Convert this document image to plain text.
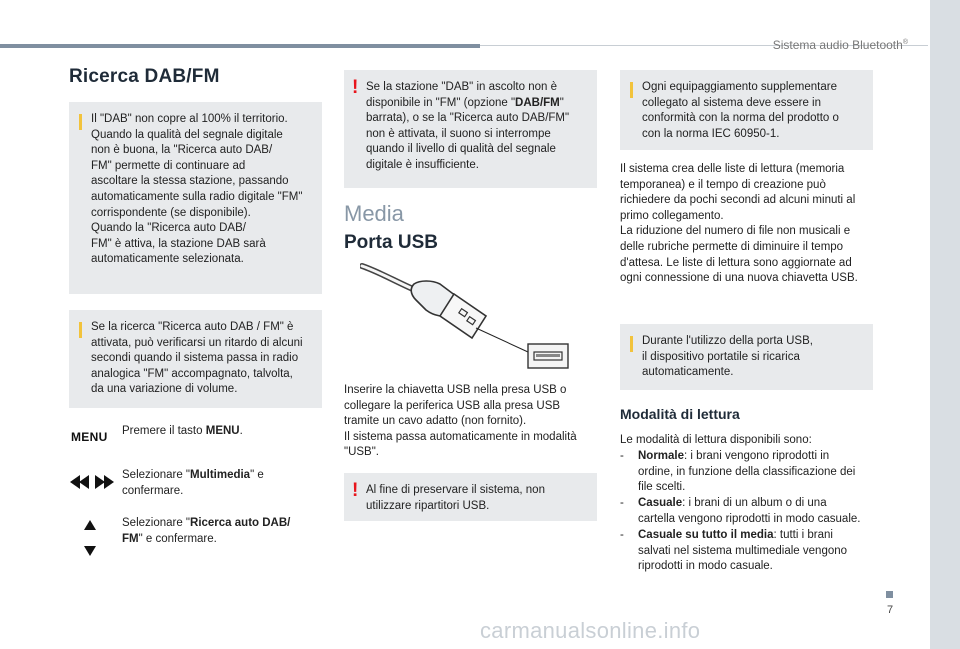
Sistema audio Bluetooth®
7
Ricerca DAB/FM
Il "DAB" non copre al 100% il territorio.
Quando la qualità del segnale digitale
non è buona, la "Ricerca auto DAB/
FM" permette di continuare ad
ascoltare la stessa stazione, passando
automaticamente sulla radio digitale "FM"
corrispondente (se disponibile).
Quando la "Ricerca auto DAB/
FM" è attiva, la stazione DAB sarà
automaticamente selezionata.
Se la ricerca "Ricerca auto DAB / FM" è
attivata, può verificarsi un ritardo di alcuni
secondi quando il sistema passa in radio
analogica "FM" accompagnato, talvolta,
da una variazione di volume.
MENU Premere il tasto MENU.
Selezionare "Multimedia" e
confermare.
Selezionare "Ricerca auto DAB/
FM" e confermare.
! Se la stazione "DAB" in ascolto non è
disponibile in "FM" (opzione "DAB/FM"
barrata), o se la "Ricerca auto DAB/FM"
non è attivata, il suono si interrompe
quando il livello di qualità del segnale
digitale è insufficiente.
Media
Porta USB
Inserire la chiavetta USB nella presa USB o
collegare la periferica USB alla presa USB
tramite un cavo adatto (non fornito).
Il sistema passa automaticamente in modalità
"USB".
! Al fine di preservare il sistema, non
utilizzare ripartitori USB.
Ogni equipaggiamento supplementare
collegato al sistema deve essere in
conformità con la norma del prodotto o
con la norma IEC 60950-1.
Il sistema crea delle liste di lettura (memoria
temporanea) e il tempo di creazione può
richiedere da pochi secondi ad alcuni minuti al
primo collegamento.
La riduzione del numero di file non musicali e
delle rubriche permette di diminuire il tempo
d'attesa. Le liste di lettura sono aggiornate ad
ogni connessione di una nuova chiavetta USB.
Durante l'utilizzo della porta USB,
il dispositivo portatile si ricarica
automaticamente.
Modalità di lettura
Le modalità di lettura disponibili sono:
- Normale: i brani vengono riprodotti in
ordine, in funzione della classificazione dei
file scelti.
- Casuale: i brani di un album o di una
cartella vengono riprodotti in modo casuale.
- Casuale su tutto il media: tutti i brani
salvati nel sistema multimediale vengono
riprodotti in modo casuale.
carmanualsonline.info
